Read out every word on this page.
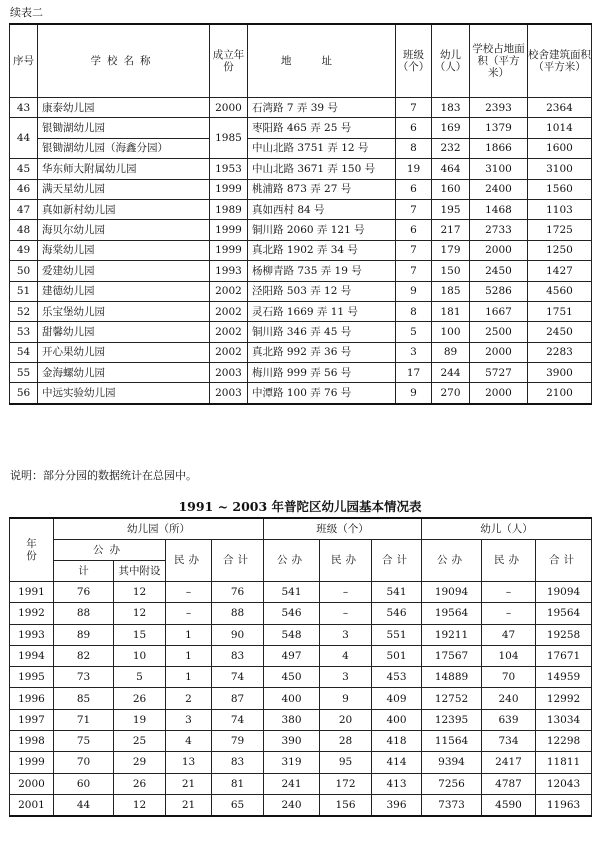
续表二
序号	学校名称	成立年份	地址	班级（个）	幼儿（人）	学校占地面积（平方米）	校舍建筑面积（平方米）
43	康泰幼儿园	2000	石湾路 7 弄 39 号	7	183	2393	2364
44	银锄湖幼儿园	1985	枣阳路 465 弄 25 号	6	169	1379	1014
	银锄湖幼儿园（海鑫分园）		中山北路 3751 弄 12 号	8	232	1866	1600
45	华东师大附属幼儿园	1953	中山北路 3671 弄 150 号	19	464	3100	3100
46	满天星幼儿园	1999	桃浦路 873 弄 27 号	6	160	2400	1560
47	真如新村幼儿园	1989	真如西村 84 号	7	195	1468	1103
48	海贝尔幼儿园	1999	铜川路 2060 弄 121 号	6	217	2733	1725
49	海棠幼儿园	1999	真北路 1902 弄 34 号	7	179	2000	1250
50	爱建幼儿园	1993	杨柳青路 735 弄 19 号	7	150	2450	1427
51	建德幼儿园	2002	泾阳路 503 弄 12 号	9	185	5286	4560
52	乐宝堡幼儿园	2002	灵石路 1669 弄 11 号	8	181	1667	1751
53	甜馨幼儿园	2002	铜川路 346 弄 45 号	5	100	2500	2450
54	开心果幼儿园	2002	真北路 992 弄 36 号	3	89	2000	2283
55	金海螺幼儿园	2003	梅川路 999 弄 56 号	17	244	5727	3900
56	中远实验幼儿园	2003	中潭路 100 弄 76 号	9	270	2000	2100
说明：部分分园的数据统计在总园中。
1991 ~ 2003 年普陀区幼儿园基本情况表
年份	幼儿园（所）				班级（个）			幼儿（人）		
	公办		民办	合计	公办	民办	合计	公办	民办	合计
	计	其中附设								
1991	76	12	–	76	541	–	541	19094	–	19094
1992	88	12	–	88	546	–	546	19564	–	19564
1993	89	15	1	90	548	3	551	19211	47	19258
1994	82	10	1	83	497	4	501	17567	104	17671
1995	73	5	1	74	450	3	453	14889	70	14959
1996	85	26	2	87	400	9	409	12752	240	12992
1997	71	19	3	74	380	20	400	12395	639	13034
1998	75	25	4	79	390	28	418	11564	734	12298
1999	70	29	13	83	319	95	414	9394	2417	11811
2000	60	26	21	81	241	172	413	7256	4787	12043
2001	44	12	21	65	240	156	396	7373	4590	11963
